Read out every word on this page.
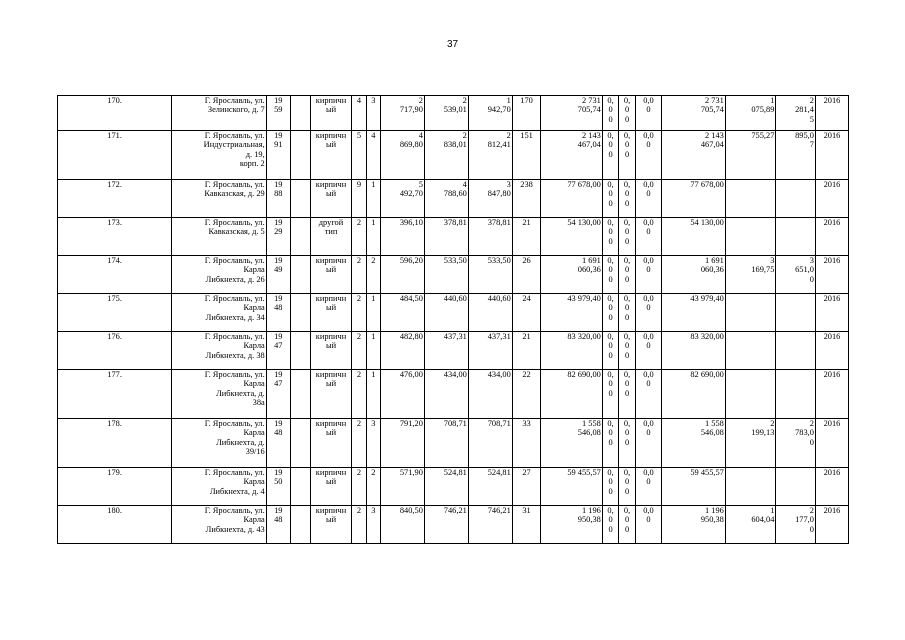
37
170.	Г. Ярославль, ул.
Зелинского, д. 7	19
59		кирпичн
ый	4	3	2
717,90	2
539,01	1
942,70	170	2 731
705,74	0,
0
0	0,
0
0	0,0
0	2 731
705,74	1
075,89	2
281,4
5	2016
171.	Г. Ярославль, ул.
Индустриальная,
д. 19,
корп. 2	19
91		кирпичн
ый	5	4	4
869,80	2
838,01	2
812,41	151	2 143
467,04	0,
0
0	0,
0
0	0,0
0	2 143
467,04	755,27	895,0
7	2016
172.	Г. Ярославль, ул.
Кавказская, д. 29	19
88		кирпичн
ый	9	1	5
492,70	4
788,60	3
847,80	238	77 678,00	0,
0
0	0,
0
0	0,0
0	77 678,00			2016
173.	Г. Ярославль, ул.
Кавказская, д. 5	19
29		другой
тип	2	1	396,10	378,81	378,81	21	54 130,00	0,
0
0	0,
0
0	0,0
0	54 130,00			2016
174.	Г. Ярославль, ул.
Карла
Либкнехта, д. 26	19
49		кирпичн
ый	2	2	596,20	533,50	533,50	26	1 691
060,36	0,
0
0	0,
0
0	0,0
0	1 691
060,36	3
169,75	3
651,0
0	2016
175.	Г. Ярославль, ул.
Карла
Либкнехта, д. 34	19
48		кирпичн
ый	2	1	484,50	440,60	440,60	24	43 979,40	0,
0
0	0,
0
0	0,0
0	43 979,40			2016
176.	Г. Ярославль, ул.
Карла
Либкнехта, д. 38	19
47		кирпичн
ый	2	1	482,80	437,31	437,31	21	83 320,00	0,
0
0	0,
0
0	0,0
0	83 320,00			2016
177.	Г. Ярославль, ул.
Карла
Либкнехта, д.
38а	19
47		кирпичн
ый	2	1	476,00	434,00	434,00	22	82 690,00	0,
0
0	0,
0
0	0,0
0	82 690,00			2016
178.	Г. Ярославль, ул.
Карла
Либкнехта, д.
39/16	19
48		кирпичн
ый	2	3	791,20	708,71	708,71	33	1 558
546,08	0,
0
0	0,
0
0	0,0
0	1 558
546,08	2
199,13	2
783,0
0	2016
179.	Г. Ярославль, ул.
Карла
Либкнехта, д. 4	19
50		кирпичн
ый	2	2	571,90	524,81	524,81	27	59 455,57	0,
0
0	0,
0
0	0,0
0	59 455,57			2016
180.	Г. Ярославль, ул.
Карла
Либкнехта, д. 43	19
48		кирпичн
ый	2	3	840,50	746,21	746,21	31	1 196
950,38	0,
0
0	0,
0
0	0,0
0	1 196
950,38	1
604,04	2
177,0
0	2016
